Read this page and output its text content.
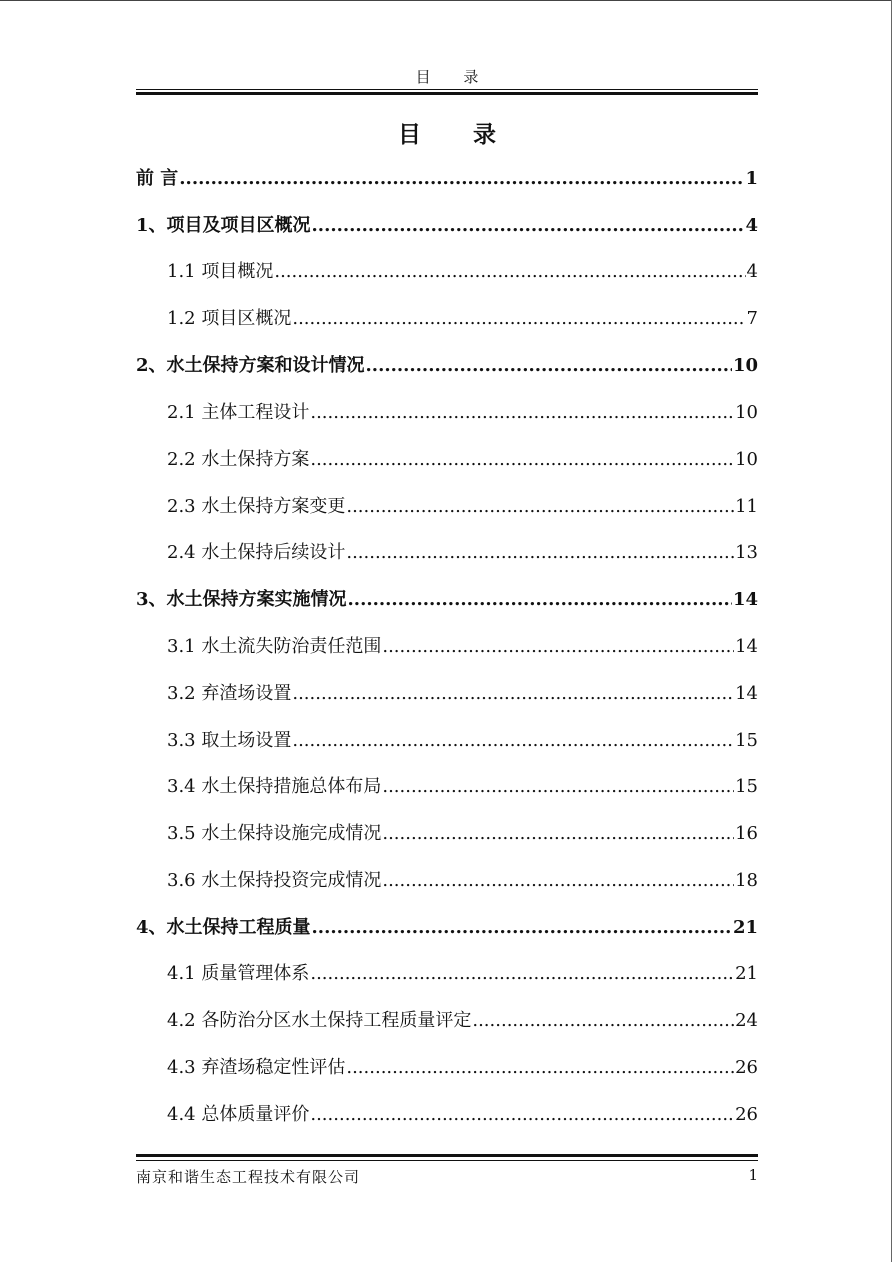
目 录
目 录
前 言 .....	1
1、项目及项目区概况 .....	4
1.1 项目概况 .....	4
1.2 项目区概况 .....	7
2、水土保持方案和设计情况 .....	10
2.1 主体工程设计 .....	10
2.2 水土保持方案 .....	10
2.3 水土保持方案变更 .....	11
2.4 水土保持后续设计 .....	13
3、水土保持方案实施情况 .....	14
3.1 水土流失防治责任范围 .....	14
3.2 弃渣场设置 .....	14
3.3 取土场设置 .....	15
3.4 水土保持措施总体布局 .....	15
3.5 水土保持设施完成情况 .....	16
3.6 水土保持投资完成情况 .....	18
4、水土保持工程质量 .....	21
4.1 质量管理体系 .....	21
4.2 各防治分区水土保持工程质量评定 .....	24
4.3 弃渣场稳定性评估 .....	26
4.4 总体质量评价 .....	26
南京和谐生态工程技术有限公司	1
